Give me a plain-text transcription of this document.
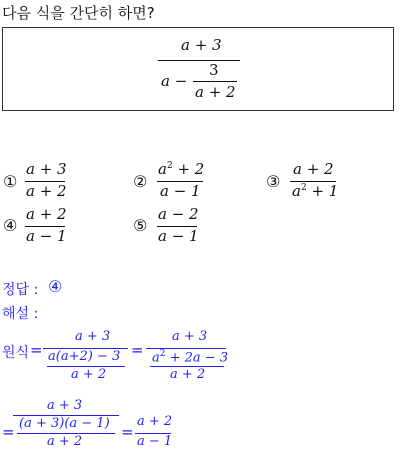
다음 식을 간단히 하면?
a + 3
a −
3
a + 2
①
a + 3
a + 2	②
$a^2 + 2$
a − 1	③
a + 2
$a^2 + 1$
④
a + 2
a − 1
⑤
a − 2
a − 1
정답 : ④
해설 :
원식 =
a + 3
a(a+2) − 3
a + 2
=
a + 3
$a^2 + 2a - 3$
a + 2
=
a + 3
(a + 3)(a − 1)
a + 2
=
a + 2
a − 1
